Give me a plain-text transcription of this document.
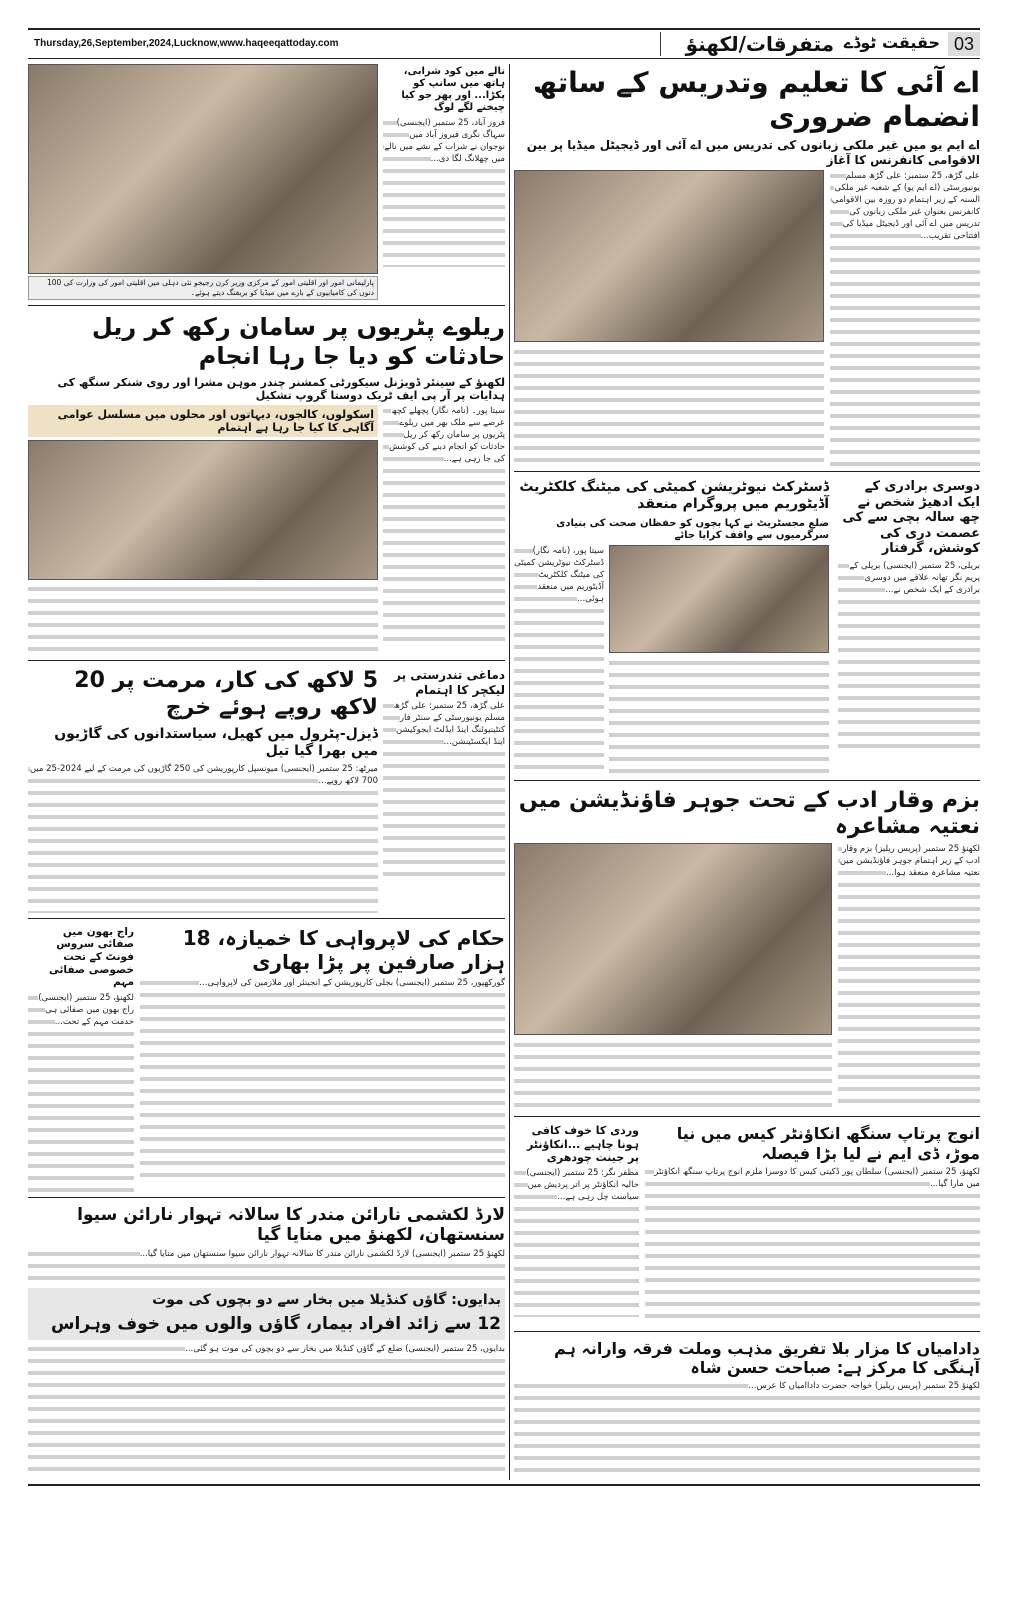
Thursday,26,September,2024,Lucknow,www.haqeeqattoday.com	03
حقیقت ٹوڈے
متفرقات/لکھنؤ
پارلیمانی امور اور اقلیتی امور کے مرکزی وزیر کرن رجیجو نئی دہلی میں اقلیتی امور کی وزارت کی 100 دنوں کی کامیابیوں کے بارے میں میڈیا کو بریفنگ دیتے ہوئے۔
نالے میں کود شرابی، ہاتھ میں سانپ کو پکڑا... اور پھر جو کیا چیخنے لگے لوگ
فروز آباد، 25 ستمبر (ایجنسی) سہاگ نگری فیروز آباد میں نوجوان نے شراب کے نشے میں نالے میں چھلانگ لگا دی...
ریلوے پٹریوں پر سامان رکھ کر ریل حادثات کو دیا جا رہا انجام
لکھنؤ کے سینئر ڈویژنل سیکورٹی کمشنر چندر موہن مشرا اور روی شنکر سنگھ کی ہدایات پر آر پی ایف ٹریک دوستا گروپ تشکیل
اسکولوں، کالجوں، دیہاتوں اور محلوں میں مسلسل عوامی آگاہی کا کیا جا رہا ہے اہتمام
سیتا پور۔ (نامہ نگار) پچھلے کچھ عرصے سے ملک بھر میں ریلوے پٹریوں پر سامان رکھ کر ریل حادثات کو انجام دینے کی کوشش کی جا رہی ہے...
5 لاکھ کی کار، مرمت پر 20 لاکھ روپے ہوئے خرچ
ڈیزل-پٹرول میں کھیل، سیاستدانوں کی گاڑیوں میں بھرا گیا تیل
میرٹھ: 25 ستمبر (ایجنسی) میونسپل کارپوریشن کی 250 گاڑیوں کی مرمت کے لیے 2024-25 میں 700 لاکھ روپے...
دماغی تندرستی پر لیکچر کا اہتمام
علی گڑھ، 25 ستمبر: علی گڑھ مسلم یونیورسٹی کے سنٹر فار کنٹینیوئنگ اینڈ ایڈلٹ ایجوکیشن اینڈ ایکسٹینشن...
راج بھون میں صفائی سروس فونٹ کے تحت خصوصی صفائی مہم
لکھنؤ، 25 ستمبر (ایجنسی) راج بھون میں صفائی ہی خدمت مہم کے تحت...
حکام کی لاپرواہی کا خمیازہ، 18 ہزار صارفین پر پڑا بھاری
گورکھپور، 25 ستمبر (ایجنسی) بجلی کارپوریشن کے انجینئر اور ملازمین کی لاپرواہی...
لارڈ لکشمی نارائن مندر کا سالانہ تہوار نارائن سیوا سنستھان، لکھنؤ میں منایا گیا
لکھنؤ 25 ستمبر (ایجنسی) لارڈ لکشمی نارائن مندر کا سالانہ تہوار نارائن سیوا سنستھان میں منایا گیا...
بدایوں: گاؤں کنڈیلا میں بخار سے دو بچوں کی موت
12 سے زائد افراد بیمار، گاؤں والوں میں خوف وہراس
بدایوں، 25 ستمبر (ایجنسی) ضلع کے گاؤں کنڈیلا میں بخار سے دو بچوں کی موت ہو گئی...
اے آئی کا تعلیم وتدریس کے ساتھ انضمام ضروری
اے ایم یو میں غیر ملکی زبانوں کی تدریس میں اے آئی اور ڈیجیٹل میڈیا پر بین الاقوامی کانفرنس کا آغاز
علی گڑھ، 25 ستمبر: علی گڑھ مسلم یونیورسٹی (اے ایم یو) کے شعبہ غیر ملکی السنہ کے زیر اہتمام دو روزہ بین الاقوامی کانفرنس بعنوان غیر ملکی زبانوں کی تدریس میں اے آئی اور ڈیجیٹل میڈیا کی افتتاحی تقریب...
ڈسٹرکٹ نیوٹریشن کمیٹی کی میٹنگ کلکٹریٹ آڈیٹوریم میں پروگرام منعقد
ضلع مجسٹریٹ نے کہا بچوں کو حفظان صحت کی بنیادی سرگرمیوں سے واقف کرایا جائے
سیتا پور، (نامہ نگار) ڈسٹرکٹ نیوٹریشن کمیٹی کی میٹنگ کلکٹریٹ آڈیٹوریم میں منعقد ہوئی...
دوسری برادری کے ایک ادھیڑ شخص نے چھ سالہ بچی سے کی عصمت دری کی کوشش، گرفتار
بریلی، 25 ستمبر (ایجنسی) بریلی کے پریم نگر تھانہ علاقے میں دوسری برادری کے ایک شخص نے...
بزم وقار ادب کے تحت جوہر فاؤنڈیشن میں نعتیہ مشاعرہ
لکھنؤ 25 ستمبر (پریس ریلیز) بزم وقار ادب کے زیر اہتمام جوہر فاؤنڈیشن میں نعتیہ مشاعرہ منعقد ہوا...
وردی کا خوف کافی ہونا چاہیے ...انکاؤنٹر پر جینت چودھری
مظفر نگر: 25 ستمبر (ایجنسی) حالیہ انکاؤنٹر پر اتر پردیش میں سیاست چل رہی ہے...
انوج پرتاپ سنگھ انکاؤنٹر کیس میں نیا موڑ، ڈی ایم نے لیا بڑا فیصلہ
لکھنؤ، 25 ستمبر (ایجنسی) سلطان پور ڈکیتی کیس کا دوسرا ملزم انوج پرتاپ سنگھ انکاؤنٹر میں مارا گیا...
دادامیاں کا مزار بلا تفریق مذہب وملت فرقہ وارانہ ہم آہنگی کا مرکز ہے: صباحت حسن شاہ
لکھنؤ 25 ستمبر (پریس ریلیز) خواجہ حضرت داداامیاں کا عرس...
